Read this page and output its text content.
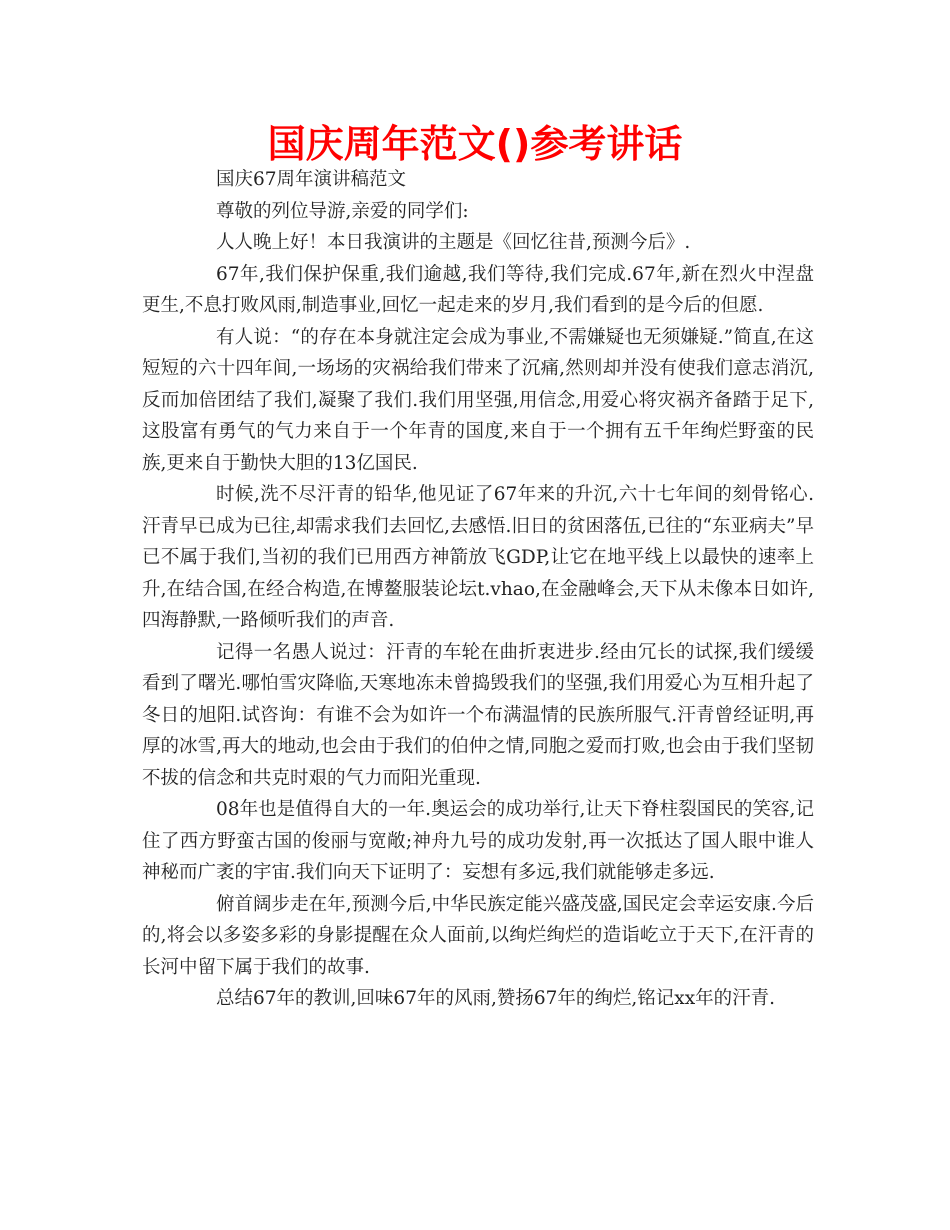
国庆周年范文()参考讲话

国庆67周年演讲稿范文

尊敬的列位导游,亲爱的同学们:

人人晚上好！本日我演讲的主题是《回忆往昔,预测今后》.

67年,我们保护保重,我们逾越,我们等待,我们完成.67年,新在烈火中涅盘更生,不息打败风雨,制造事业,回忆一起走来的岁月,我们看到的是今后的但愿.

有人说：“的存在本身就注定会成为事业,不需嫌疑也无须嫌疑.”简直,在这短短的六十四年间,一场场的灾祸给我们带来了沉痛,然则却并没有使我们意志消沉,反而加倍团结了我们,凝聚了我们.我们用坚强,用信念,用爱心将灾祸齐备踏于足下,这股富有勇气的气力来自于一个年青的国度,来自于一个拥有五千年绚烂野蛮的民族,更来自于勤快大胆的13亿国民.

时候,洗不尽汗青的铅华,他见证了67年来的升沉,六十七年间的刻骨铭心.汗青早已成为已往,却需求我们去回忆,去感悟.旧日的贫困落伍,已往的“东亚病夫”早已不属于我们,当初的我们已用西方神箭放飞GDP,让它在地平线上以最快的速率上升,在结合国,在经合构造,在博鳌服装论坛t.vhao,在金融峰会,天下从未像本日如许,四海静默,一路倾听我们的声音.

记得一名愚人说过：汗青的车轮在曲折衷进步.经由冗长的试探,我们缓缓看到了曙光.哪怕雪灾降临,天寒地冻未曾捣毁我们的坚强,我们用爱心为互相升起了冬日的旭阳.试咨询：有谁不会为如许一个布满温情的民族所服气.汗青曾经证明,再厚的冰雪,再大的地动,也会由于我们的伯仲之情,同胞之爱而打败,也会由于我们坚韧不拔的信念和共克时艰的气力而阳光重现.

08年也是值得自大的一年.奥运会的成功举行,让天下脊柱裂国民的笑容,记住了西方野蛮古国的俊丽与宽敞;神舟九号的成功发射,再一次抵达了国人眼中谁人神秘而广袤的宇宙.我们向天下证明了：妄想有多远,我们就能够走多远.

俯首阔步走在年,预测今后,中华民族定能兴盛茂盛,国民定会幸运安康.今后的,将会以多姿多彩的身影提醒在众人面前,以绚烂绚烂的造诣屹立于天下,在汗青的长河中留下属于我们的故事.

总结67年的教训,回味67年的风雨,赞扬67年的绚烂,铭记xx年的汗青.
